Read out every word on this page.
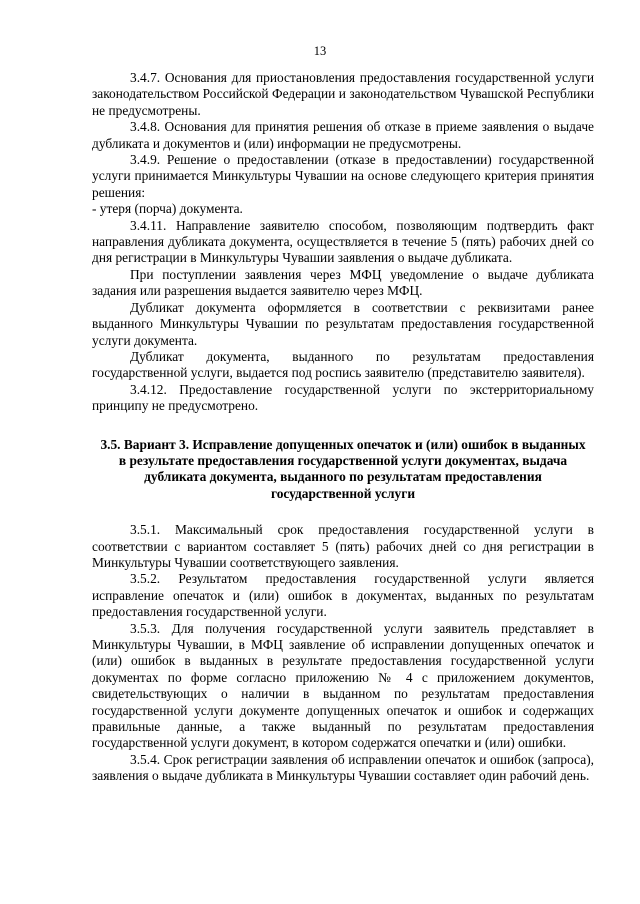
13

3.4.7. Основания для приостановления предоставления государственной услуги законодательством Российской Федерации и законодательством Чувашской Республики не предусмотрены.

3.4.8. Основания для принятия решения об отказе в приеме заявления о выдаче дубликата и документов и (или) информации не предусмотрены.

3.4.9. Решение о предоставлении (отказе в предоставлении) государственной услуги принимается Минкультуры Чувашии на основе следующего критерия принятия решения:

- утеря (порча) документа.

3.4.11. Направление заявителю способом, позволяющим подтвердить факт направления дубликата документа, осуществляется в течение 5 (пять) рабочих дней со дня регистрации в Минкультуры Чувашии заявления о выдаче дубликата.

При поступлении заявления через МФЦ уведомление о выдаче дубликата задания или разрешения выдается заявителю через МФЦ.

Дубликат документа оформляется в соответствии с реквизитами ранее выданного Минкультуры Чувашии по результатам предоставления государственной услуги документа.

Дубликат документа, выданного по результатам предоставления государственной услуги, выдается под роспись заявителю (представителю заявителя).

3.4.12. Предоставление государственной услуги по экстерриториальному принципу не предусмотрено.

3.5. Вариант 3. Исправление допущенных опечаток и (или) ошибок в выданных в результате предоставления государственной услуги документах, выдача дубликата документа, выданного по результатам предоставления государственной услуги

3.5.1. Максимальный срок предоставления государственной услуги в соответствии с вариантом составляет 5 (пять) рабочих дней со дня регистрации в Минкультуры Чувашии соответствующего заявления.

3.5.2. Результатом предоставления государственной услуги является исправление опечаток и (или) ошибок в документах, выданных по результатам предоставления государственной услуги.

3.5.3. Для получения государственной услуги заявитель представляет в Минкультуры Чувашии, в МФЦ заявление об исправлении допущенных опечаток и (или) ошибок в выданных в результате предоставления государственной услуги документах по форме согласно приложению № 4 с приложением документов, свидетельствующих о наличии в выданном по результатам предоставления государственной услуги документе допущенных опечаток и ошибок и содержащих правильные данные, а также выданный по результатам предоставления государственной услуги документ, в котором содержатся опечатки и (или) ошибки.

3.5.4. Срок регистрации заявления об исправлении опечаток и ошибок (запроса), заявления о выдаче дубликата в Минкультуры Чувашии составляет один рабочий день.
